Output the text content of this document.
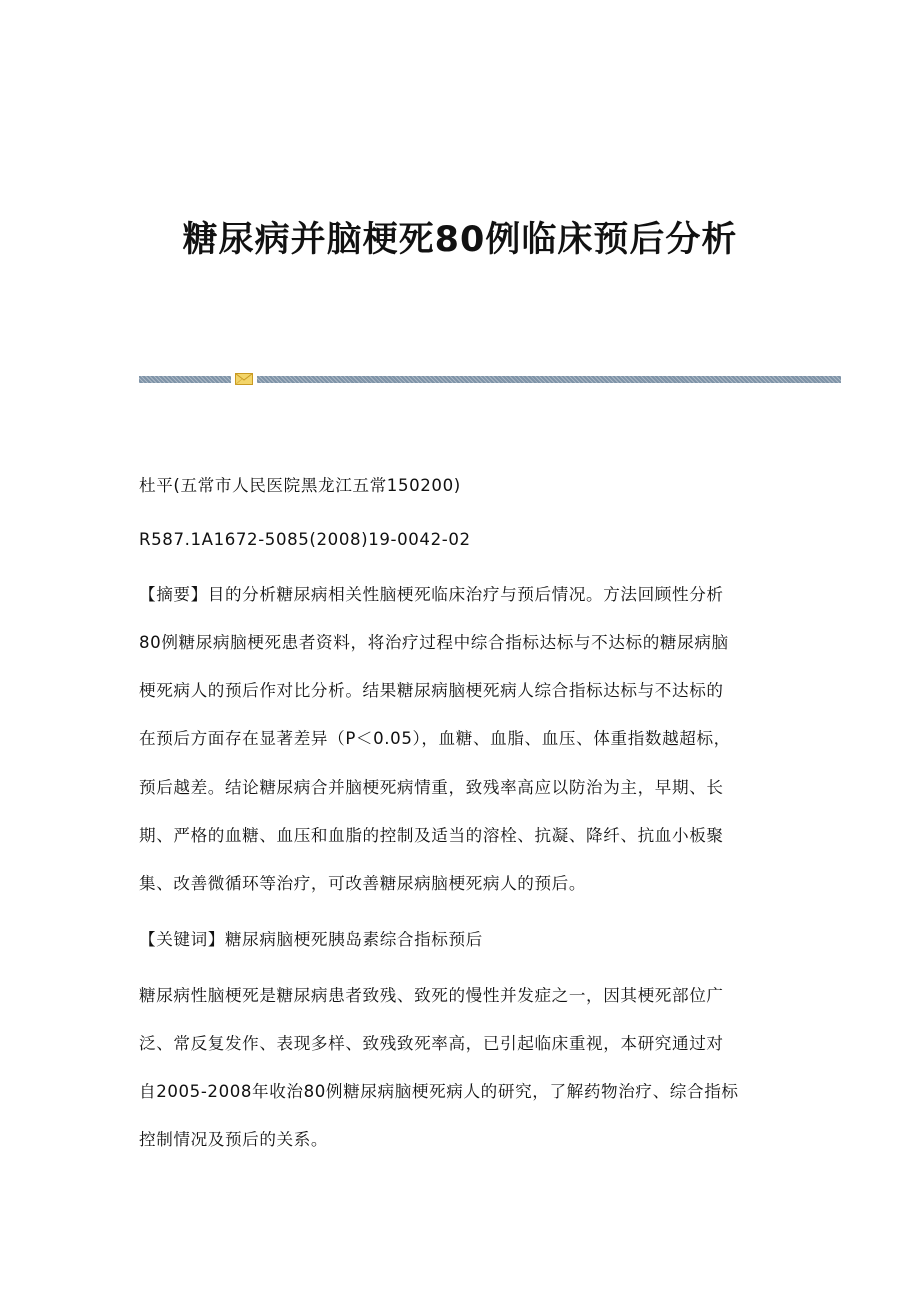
糖尿病并脑梗死80例临床预后分析

杜平(五常市人民医院黑龙江五常150200)

R587.1A1672-5085(2008)19-0042-02

【摘要】目的分析糖尿病相关性脑梗死临床治疗与预后情况。方法回顾性分析

80例糖尿病脑梗死患者资料，将治疗过程中综合指标达标与不达标的糖尿病脑

梗死病人的预后作对比分析。结果糖尿病脑梗死病人综合指标达标与不达标的

在预后方面存在显著差异（P＜0.05），血糖、血脂、血压、体重指数越超标，

预后越差。结论糖尿病合并脑梗死病情重，致残率高应以防治为主，早期、长

期、严格的血糖、血压和血脂的控制及适当的溶栓、抗凝、降纤、抗血小板聚

集、改善微循环等治疗，可改善糖尿病脑梗死病人的预后。

【关键词】糖尿病脑梗死胰岛素综合指标预后

糖尿病性脑梗死是糖尿病患者致残、致死的慢性并发症之一，因其梗死部位广

泛、常反复发作、表现多样、致残致死率高，已引起临床重视，本研究通过对

自2005-2008年收治80例糖尿病脑梗死病人的研究，了解药物治疗、综合指标

控制情况及预后的关系。
